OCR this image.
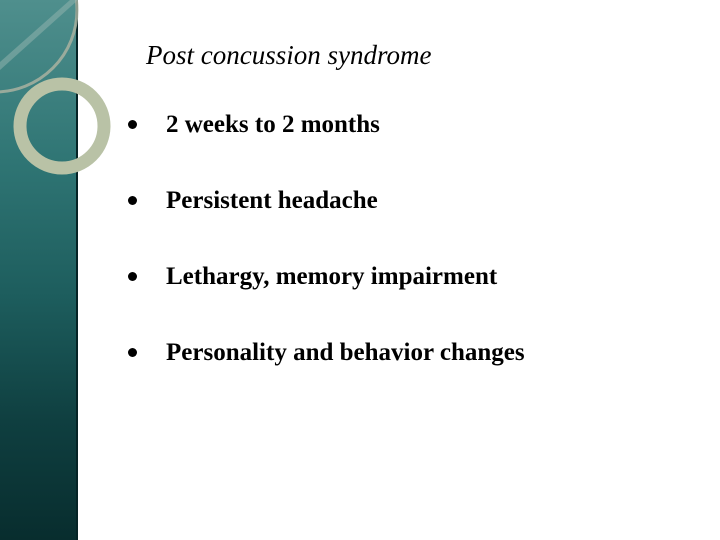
Post concussion syndrome
2 weeks to 2 months
Persistent headache
Lethargy, memory impairment
Personality and behavior changes
